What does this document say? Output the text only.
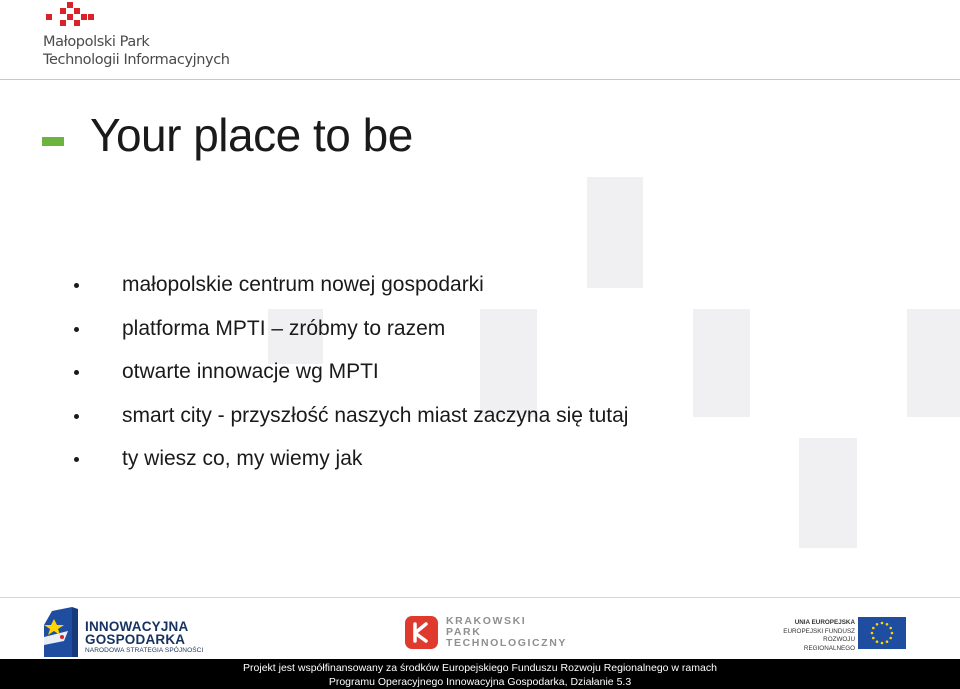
Małopolski Park
Technologii Informacyjnych
Your place to be
małopolskie centrum nowej gospodarki
platforma MPTI – zróbmy to razem
otwarte innowacje wg MPTI
smart city - przyszłość naszych miast zaczyna się tutaj
ty wiesz co, my wiemy jak
INNOWACYJNA
GOSPODARKA
NARODOWA STRATEGIA SPÓJNOŚCI
KRAKOWSKI
PARK
TECHNOLOGICZNY
UNIA EUROPEJSKA
EUROPEJSKI FUNDUSZ
ROZWOJU REGIONALNEGO
Projekt jest współfinansowany za środków Europejskiego Funduszu Rozwoju Regionalnego w ramach
Programu Operacyjnego Innowacyjna Gospodarka, Działanie 5.3
